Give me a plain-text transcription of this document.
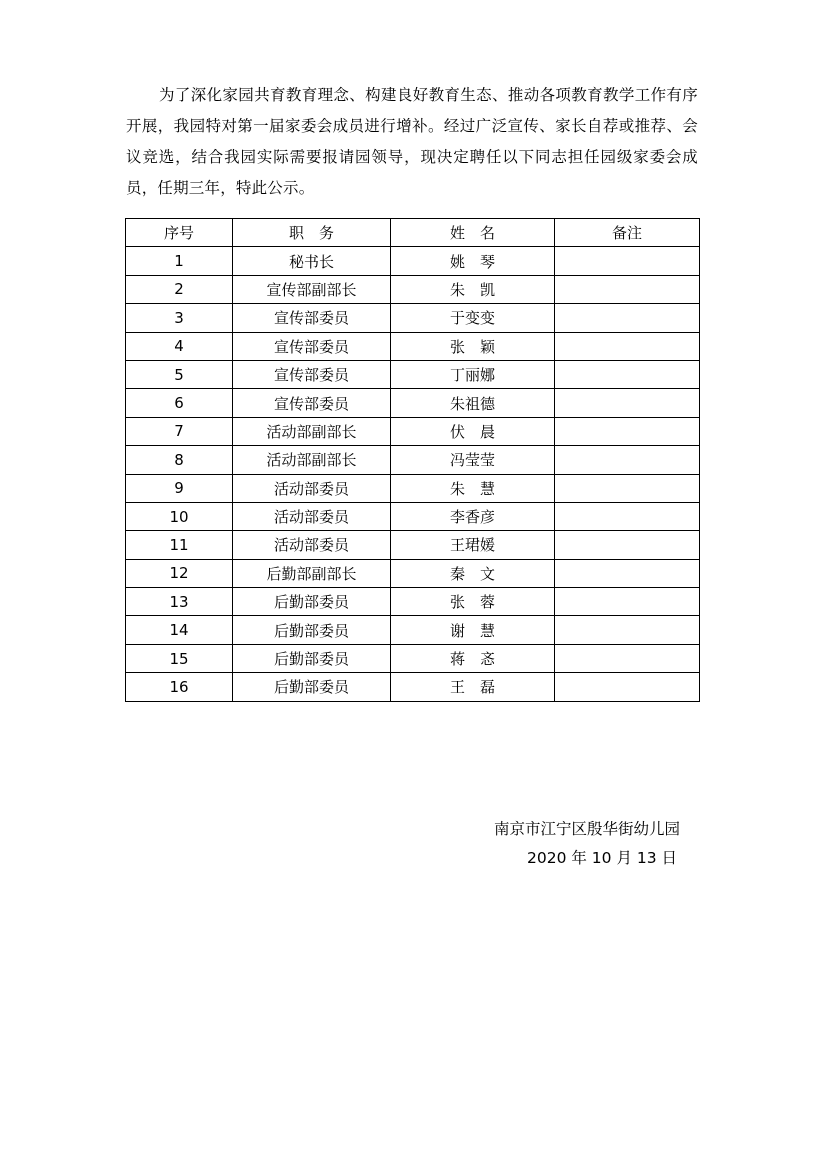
为了深化家园共育教育理念、构建良好教育生态、推动各项教育教学工作有序开展，我园特对第一届家委会成员进行增补。经过广泛宣传、家长自荐或推荐、会议竞选，结合我园实际需要报请园领导，现决定聘任以下同志担任园级家委会成员，任期三年，特此公示。

序号	职　务	姓　名	备注
1	秘书长	姚　琴	
2	宣传部副部长	朱　凯	
3	宣传部委员	于变变	
4	宣传部委员	张　颖	
5	宣传部委员	丁丽娜	
6	宣传部委员	朱祖德	
7	活动部副部长	伏　晨	
8	活动部副部长	冯莹莹	
9	活动部委员	朱　慧	
10	活动部委员	李香彦	
11	活动部委员	王珺媛	
12	后勤部副部长	秦　文	
13	后勤部委员	张　蓉	
14	后勤部委员	谢　慧	
15	后勤部委员	蒋　忞	
16	后勤部委员	王　磊	
南京市江宁区殷华街幼儿园
2020 年 10 月 13 日
